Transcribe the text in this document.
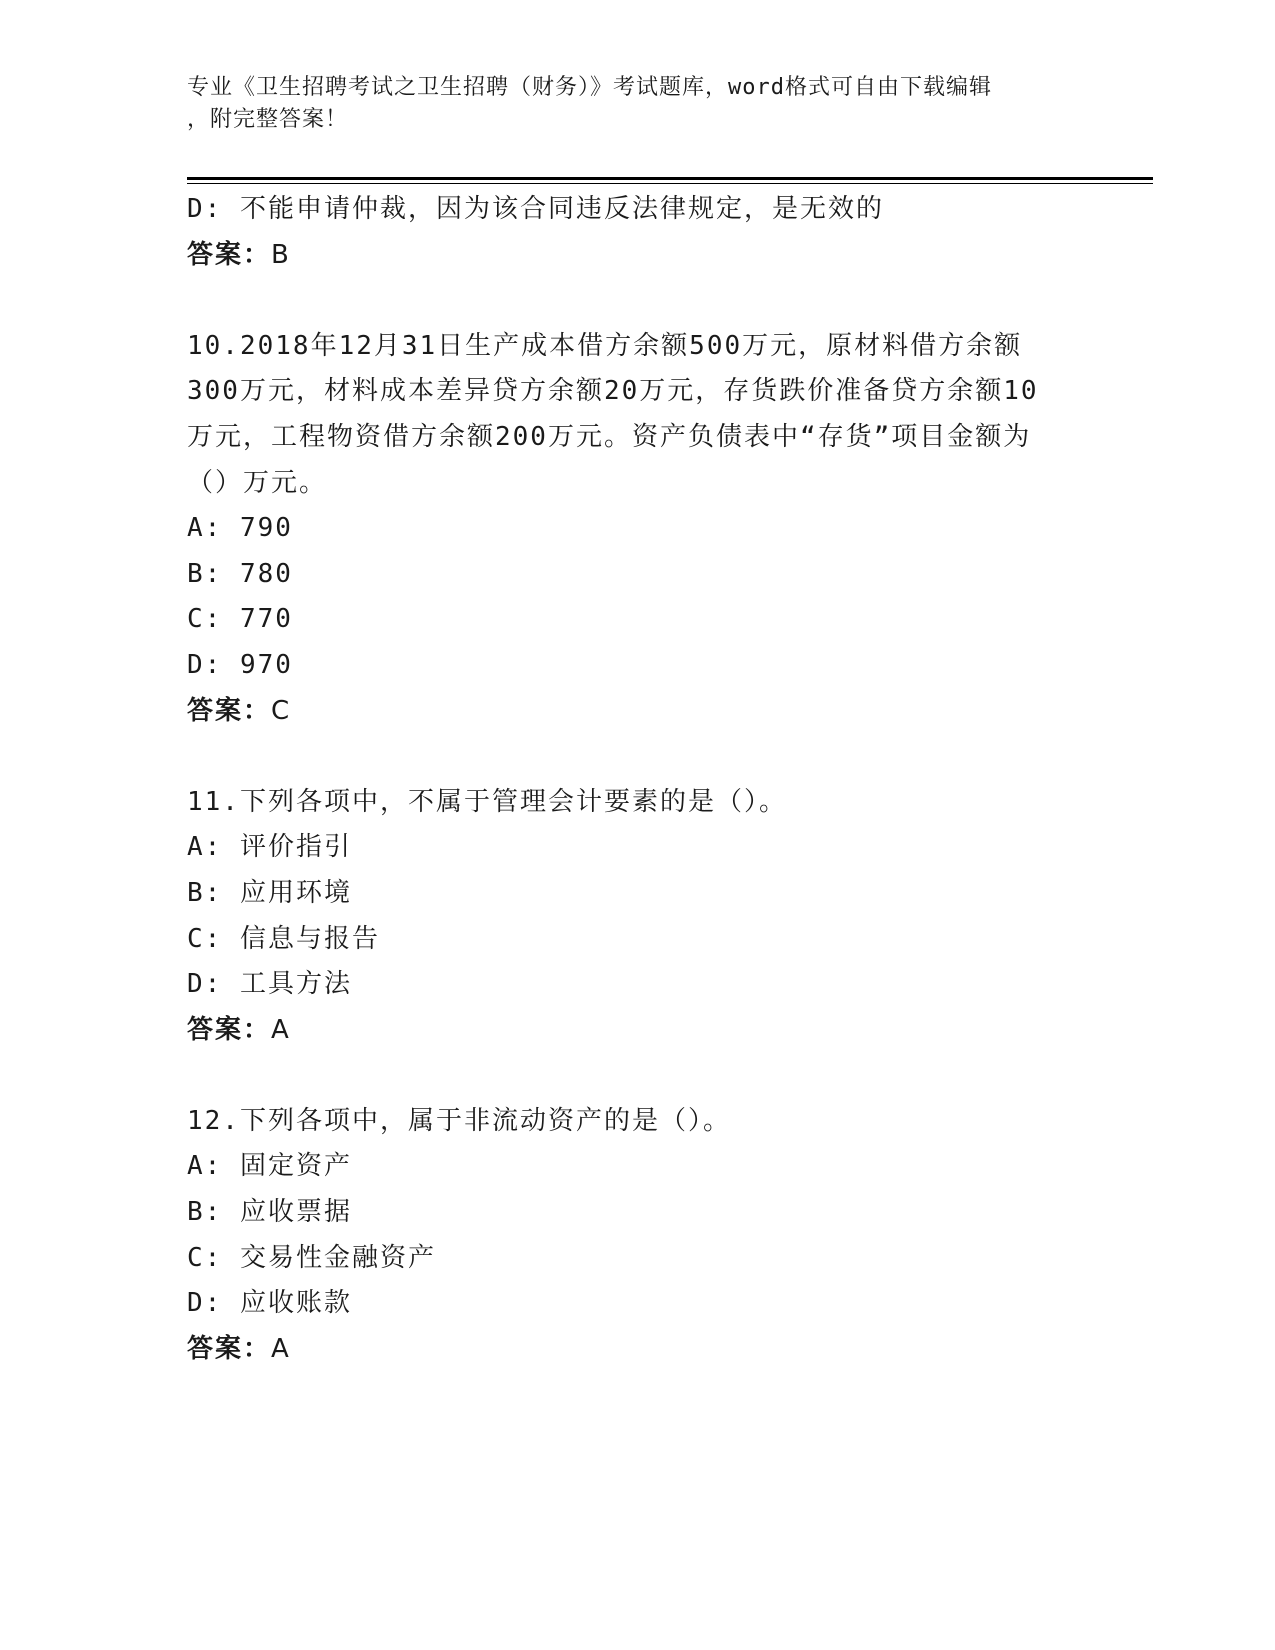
专业《卫生招聘考试之卫生招聘（财务）》考试题库，word格式可自由下载编辑
，附完整答案！
D: 不能申请仲裁，因为该合同违反法律规定，是无效的
答案：B
10.2018年12月31日生产成本借方余额500万元，原材料借方余额300万元，材料成本差异贷方余额20万元，存货跌价准备贷方余额10万元，工程物资借方余额200万元。资产负债表中“存货”项目金额为（）万元。
A: 790
B: 780
C: 770
D: 970
答案：C
11.下列各项中，不属于管理会计要素的是（）。
A: 评价指引
B: 应用环境
C: 信息与报告
D: 工具方法
答案：A
12.下列各项中，属于非流动资产的是（）。
A: 固定资产
B: 应收票据
C: 交易性金融资产
D: 应收账款
答案：A
